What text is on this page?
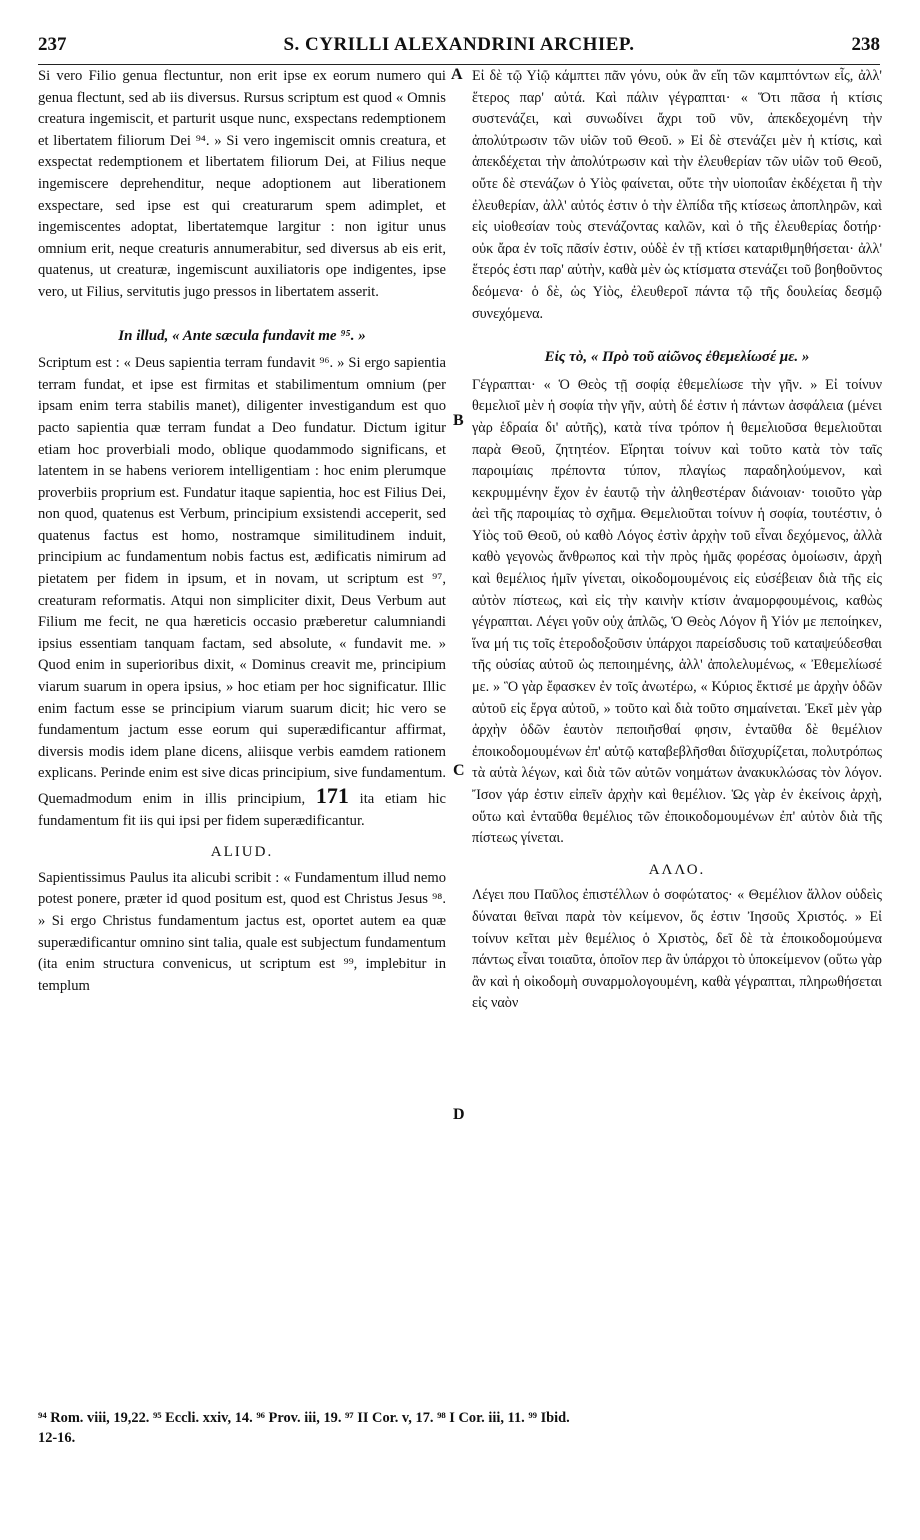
237	S. CYRILLI ALEXANDRINI ARCHIEP.	238

Si vero Filio genua flectuntur, non erit ipse ex eorum numero qui genua flectunt, sed ab iis diversus. Rursus scriptum est quod « Omnis creatura ingemiscit, et parturit usque nunc, exspectans redemptionem et libertatem filiorum Dei ⁹⁴. » Si vero ingemiscit omnis creatura, et exspectat redemptionem et libertatem filiorum Dei, at Filius neque ingemiscere deprehenditur, neque adoptionem aut liberationem exspectare, sed ipse est qui creaturarum spem adimplet, et ingemiscentes adoptat, libertatemque largitur : non igitur unus omnium erit, neque creaturis annumerabitur, sed diversus ab eis erit, quatenus, ut creaturæ, ingemiscunt auxiliatoris ope indigentes, ipse vero, ut Filius, servitutis jugo pressos in libertatem asserit.

In illud, « Ante sæcula fundavit me ⁹⁵. »

Scriptum est : « Deus sapientia terram fundavit ⁹⁶. » Si ergo sapientia terram fundat, et ipse est firmitas et stabilimentum omnium (per ipsam enim terra stabilis manet), diligenter investigandum est quo pacto sapientia quæ terram fundat a Deo fundatur. Dictum igitur etiam hoc proverbiali modo, oblique quodammodo significans, et latentem in se habens veriorem intelligentiam : hoc enim plerumque proverbiis proprium est. Fundatur itaque sapientia, hoc est Filius Dei, non quod, quatenus est Verbum, principium exsistendi acceperit, sed quatenus factus est homo, nostramque similitudinem induit, principium ac fundamentum nobis factus est, ædificatis nimirum ad pietatem per fidem in ipsum, et in novam, ut scriptum est ⁹⁷, creaturam reformatis. Atqui non simpliciter dixit, Deus Verbum aut Filium me fecit, ne qua hæreticis occasio præberetur calumniandi ipsius essentiam tanquam factam, sed absolute, « fundavit me. » Quod enim in superioribus dixit, « Dominus creavit me, principium viarum suarum in opera ipsius, » hoc etiam per hoc significatur. Illic enim factum esse se principium viarum suarum dicit; hic vero se fundamentum jactum esse eorum qui superædificantur affirmat, diversis modis idem plane dicens, aliisque verbis eamdem rationem explicans. Perinde enim est sive dicas principium, sive fundamentum. Quemadmodum enim in illis principium, 171 ita etiam hic fundamentum fit iis qui ipsi per fidem superædificantur.

ALIUD.

Sapientissimus Paulus ita alicubi scribit : « Fundamentum illud nemo potest ponere, præter id quod positum est, quod est Christus Jesus ⁹⁸. » Si ergo Christus fundamentum jactus est, oportet autem ea quæ superædificantur omnino sint talia, quale est subjectum fundamentum (ita enim structura convenicus, ut scriptum est ⁹⁹, implebitur in templum

A
B
C
D

Εἰ δὲ τῷ Υἱῷ κάμπτει πᾶν γόνυ, οὐκ ἂν εἴη τῶν καμπτόντων εἷς, ἀλλ' ἕτερος παρ' αὐτά. Καὶ πάλιν γέγραπται· « Ὅτι πᾶσα ἡ κτίσις συστενάζει, καὶ συνωδίνει ἄχρι τοῦ νῦν, ἀπεκδεχομένη τὴν ἀπολύτρωσιν τῶν υἱῶν τοῦ Θεοῦ. » Εἰ δὲ στενάζει μὲν ἡ κτίσις, καὶ ἀπεκδέχεται τὴν ἀπολύτρωσιν καὶ τὴν ἐλευθερίαν τῶν υἱῶν τοῦ Θεοῦ, οὔτε δὲ στενάζων ὁ Υἱὸς φαίνεται, οὔτε τὴν υἱοποιΐαν ἐκδέχεται ἢ τὴν ἐλευθερίαν, ἀλλ' αὐτός ἐστιν ὁ τὴν ἐλπίδα τῆς κτίσεως ἀποπληρῶν, καὶ εἰς υἱοθεσίαν τοὺς στενάζοντας καλῶν, καὶ ὁ τῆς ἐλευθερίας δοτήρ· οὐκ ἄρα ἐν τοῖς πᾶσίν ἐστιν, οὐδὲ ἐν τῇ κτίσει καταριθμηθήσεται· ἀλλ' ἕτερός ἐστι παρ' αὐτὴν, καθὰ μὲν ὡς κτίσματα στενάζει τοῦ βοηθοῦντος δεόμενα· ὁ δὲ, ὡς Υἱὸς, ἐλευθεροῖ πάντα τῷ τῆς δουλείας δεσμῷ συνεχόμενα.

Εἰς τὸ, « Πρὸ τοῦ αἰῶνος ἐθεμελίωσέ με. »

Γέγραπται· « Ὁ Θεὸς τῇ σοφίᾳ ἐθεμελίωσε τὴν γῆν. » Εἰ τοίνυν θεμελιοῖ μὲν ἡ σοφία τὴν γῆν, αὐτὴ δέ ἐστιν ἡ πάντων ἀσφάλεια (μένει γὰρ ἑδραία δι' αὐτῆς), κατὰ τίνα τρόπον ἡ θεμελιοῦσα θεμελιοῦται παρὰ Θεοῦ, ζητητέον. Εἴρηται τοίνυν καὶ τοῦτο κατὰ τὸν ταῖς παροιμίαις πρέποντα τύπον, πλαγίως παραδηλούμενον, καὶ κεκρυμμένην ἔχον ἐν ἑαυτῷ τὴν ἀληθεστέραν διάνοιαν· τοιοῦτο γὰρ ἀεὶ τῆς παροιμίας τὸ σχῆμα. Θεμελιοῦται τοίνυν ἡ σοφία, τουτέστιν, ὁ Υἱὸς τοῦ Θεοῦ, οὐ καθὸ Λόγος ἐστὶν ἀρχὴν τοῦ εἶναι δεχόμενος, ἀλλὰ καθὸ γεγονὼς ἄνθρωπος καὶ τὴν πρὸς ἡμᾶς φορέσας ὁμοίωσιν, ἀρχὴ καὶ θεμέλιος ἡμῖν γίνεται, οἰκοδομουμένοις εἰς εὐσέβειαν διὰ τῆς εἰς αὐτὸν πίστεως, καὶ εἰς τὴν καινὴν κτίσιν ἀναμορφουμένοις, καθὼς γέγραπται. Λέγει γοῦν οὐχ ἁπλῶς, Ὁ Θεὸς Λόγον ἢ Υἱόν με πεποίηκεν, ἵνα μή τις τοῖς ἑτεροδοξοῦσιν ὑπάρχοι παρείσδυσις τοῦ καταψεύδεσθαι τῆς οὐσίας αὐτοῦ ὡς πεποιημένης, ἀλλ' ἀπολελυμένως, « Ἐθεμελίωσέ με. » Ὃ γὰρ ἔφασκεν ἐν τοῖς ἀνωτέρω, « Κύριος ἔκτισέ με ἀρχὴν ὁδῶν αὐτοῦ εἰς ἔργα αὐτοῦ, » τοῦτο καὶ διὰ τοῦτο σημαίνεται. Ἐκεῖ μὲν γὰρ ἀρχὴν ὁδῶν ἑαυτὸν πεποιῆσθαί φησιν, ἐνταῦθα δὲ θεμέλιον ἐποικοδομουμένων ἐπ' αὐτῷ καταβεβλῆσθαι διϊσχυρίζεται, πολυτρόπως τὰ αὐτὰ λέγων, καὶ διὰ τῶν αὐτῶν νοημάτων ἀνακυκλώσας τὸν λόγον. Ἴσον γάρ ἐστιν εἰπεῖν ἀρχὴν καὶ θεμέλιον. Ὡς γὰρ ἐν ἐκείνοις ἀρχὴ, οὕτω καὶ ἐνταῦθα θεμέλιος τῶν ἐποικοδομουμένων ἐπ' αὐτὸν διὰ τῆς πίστεως γίνεται.

ΑΛΛΟ.

Λέγει που Παῦλος ἐπιστέλλων ὁ σοφώτατος· « Θεμέλιον ἄλλον οὐδεὶς δύναται θεῖναι παρὰ τὸν κείμενον, ὅς ἐστιν Ἰησοῦς Χριστός. » Εἰ τοίνυν κεῖται μὲν θεμέλιος ὁ Χριστὸς, δεῖ δὲ τὰ ἐποικοδομούμενα πάντως εἶναι τοιαῦτα, ὁποῖον περ ἂν ὑπάρχοι τὸ ὑποκείμενον (οὕτω γὰρ ἂν καὶ ἡ οἰκοδομὴ συναρμολογουμένη, καθὰ γέγραπται, πληρωθήσεται εἰς ναὸν

⁹⁴ Rom. viii, 19,22. ⁹⁵ Eccli. xxiv, 14. ⁹⁶ Prov. iii, 19. ⁹⁷ II Cor. v, 17. ⁹⁸ I Cor. iii, 11. ⁹⁹ Ibid.
12-16.
